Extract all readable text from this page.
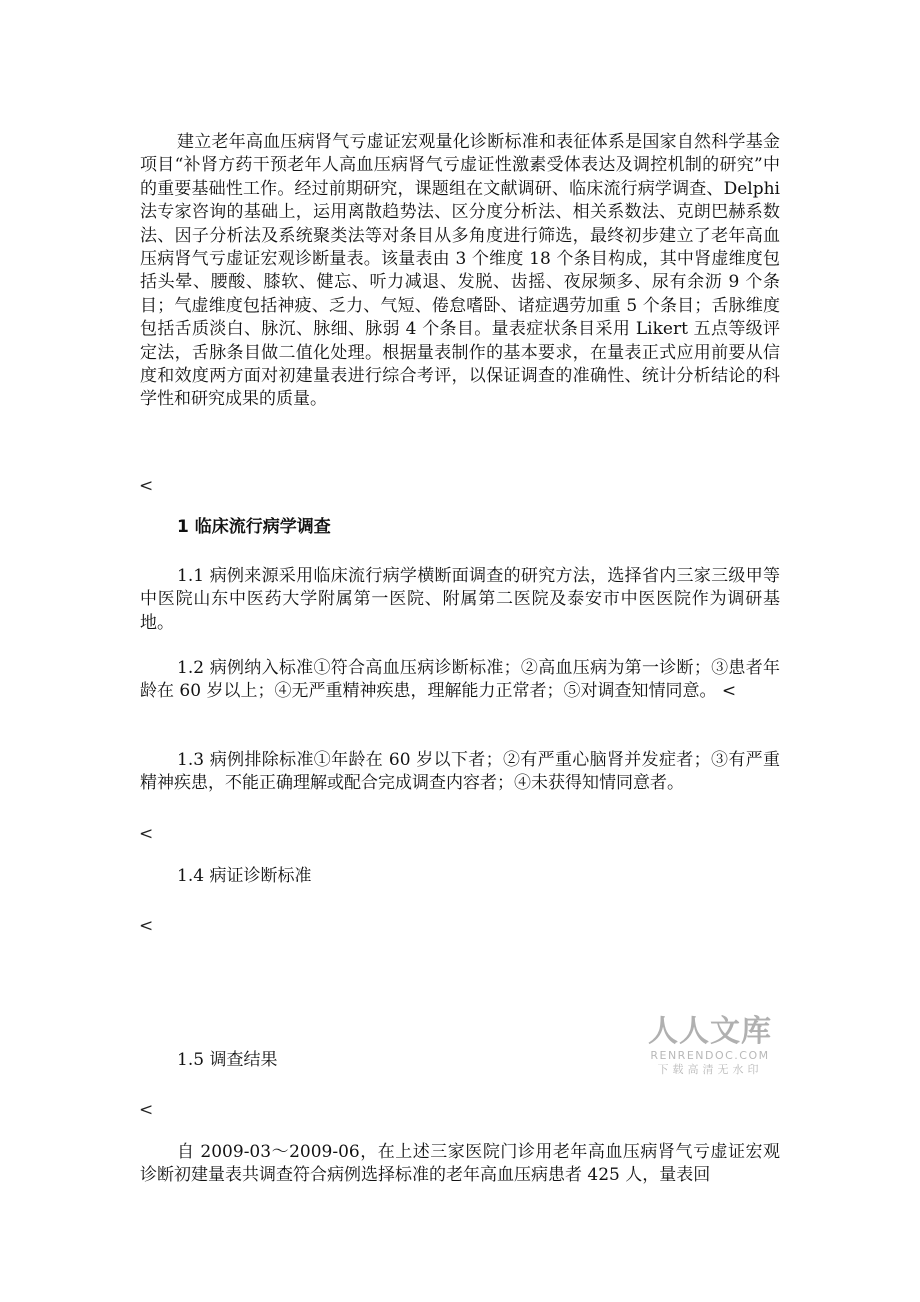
建立老年高血压病肾气亏虚证宏观量化诊断标准和表征体系是国家自然科学基金项目“补肾方药干预老年人高血压病肾气亏虚证性激素受体表达及调控机制的研究”中的重要基础性工作。经过前期研究，课题组在文献调研、临床流行病学调查、Delphi 法专家咨询的基础上，运用离散趋势法、区分度分析法、相关系数法、克朗巴赫系数法、因子分析法及系统聚类法等对条目从多角度进行筛选，最终初步建立了老年高血压病肾气亏虚证宏观诊断量表。该量表由 3 个维度 18 个条目构成，其中肾虚维度包括头晕、腰酸、膝软、健忘、听力减退、发脱、齿摇、夜尿频多、尿有余沥 9 个条目；气虚维度包括神疲、乏力、气短、倦怠嗜卧、诸症遇劳加重 5 个条目；舌脉维度包括舌质淡白、脉沉、脉细、脉弱 4 个条目。量表症状条目采用 Likert 五点等级评定法，舌脉条目做二值化处理。根据量表制作的基本要求，在量表正式应用前要从信度和效度两方面对初建量表进行综合考评，以保证调查的准确性、统计分析结论的科学性和研究成果的质量。

<

1 临床流行病学调查

1.1 病例来源采用临床流行病学横断面调查的研究方法，选择省内三家三级甲等中医院山东中医药大学附属第一医院、附属第二医院及泰安市中医医院作为调研基地。

1.2 病例纳入标准①符合高血压病诊断标准；②高血压病为第一诊断；③患者年龄在 60 岁以上；④无严重精神疾患，理解能力正常者；⑤对调查知情同意。 <

1.3 病例排除标准①年龄在 60 岁以下者；②有严重心脑肾并发症者；③有严重精神疾患，不能正确理解或配合完成调查内容者；④未获得知情同意者。

<

1.4 病证诊断标准

<

人人文库
RENRENDOC.COM
下载高清无水印

1.5 调查结果

<

自 2009-03～2009-06，在上述三家医院门诊用老年高血压病肾气亏虚证宏观诊断初建量表共调查符合病例选择标准的老年高血压病患者 425 人，量表回
